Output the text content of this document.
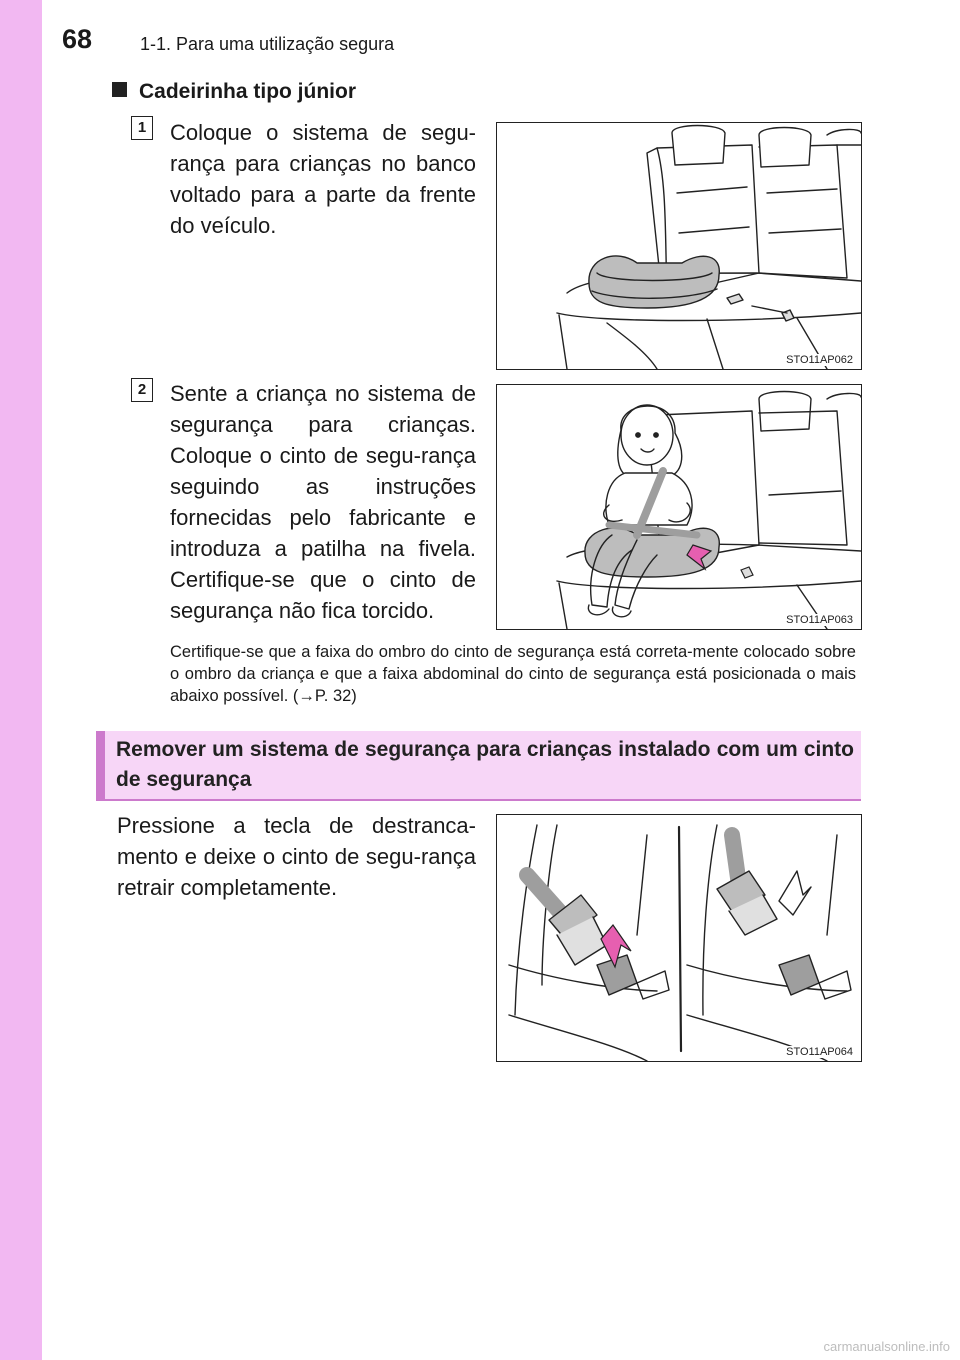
68	1-1. Para uma utilização segura
Cadeirinha tipo júnior
1	Coloque o sistema de segu-rança para crianças no banco voltado para a parte da frente do veículo.
STO11AP062
2	Sente a criança no sistema de segurança para crianças. Coloque o cinto de segu-rança seguindo as instruções fornecidas pelo fabricante e introduza a patilha na fivela. Certifique-se que o cinto de segurança não fica torcido.	STO11AP063
Certifique-se que a faixa do ombro do cinto de segurança está correta-mente colocado sobre o ombro da criança e que a faixa abdominal do cinto de segurança está posicionada o mais abaixo possível. (→P. 32)
Remover um sistema de segurança para crianças instalado com um cinto de segurança
Pressione a tecla de destranca-mento e deixe o cinto de segu-rança retrair completamente.
STO11AP064
carmanualsonline.info
